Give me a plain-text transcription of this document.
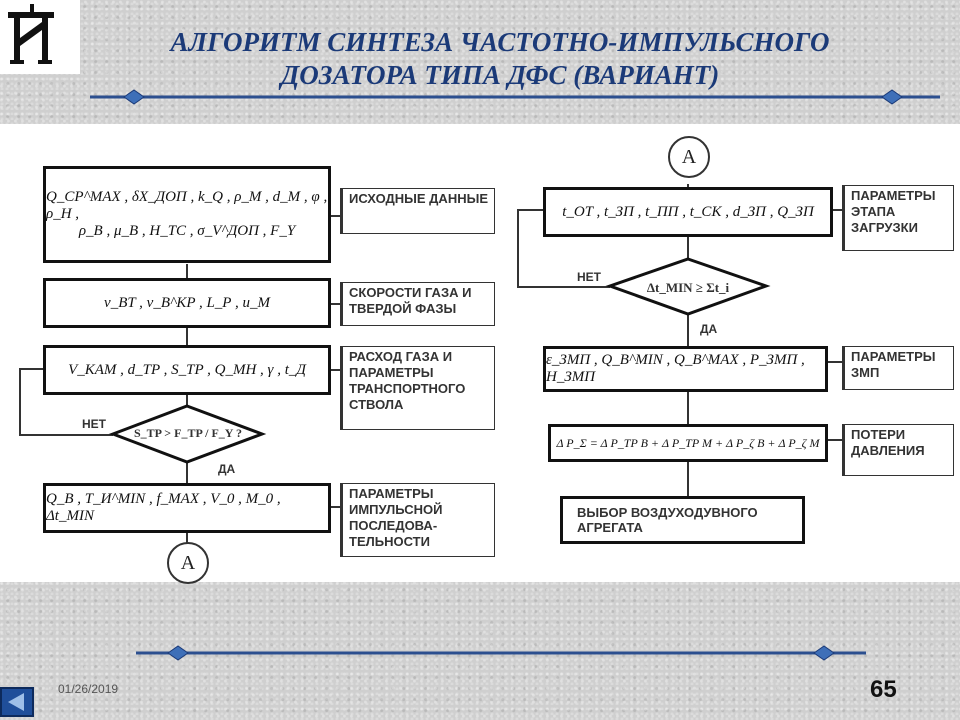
АЛГОРИТМ СИНТЕЗА ЧАСТОТНО-ИМПУЛЬСНОГО
ДОЗАТОРА ТИПА ДФС (ВАРИАНТ)
Q_CP^MAX , δX_ДОП , k_Q , ρ_M , d_M , φ , ρ_H ,
ρ_B , μ_B , H_TC , σ_V^ДОП , F_Y
ИСХОДНЫЕ ДАННЫЕ
v_BT , v_B^KP , L_P , u_M
СКОРОСТИ ГАЗА И ТВЕРДОЙ ФАЗЫ
V_KAM , d_TP , S_TP , Q_MH , γ , t_Д
РАСХОД ГАЗА И ПАРАМЕТРЫ ТРАНСПОРТНОГО СТВОЛА
S_TP > F_TP / F_Y ?
НЕТ
ДА
Q_B , T_И^MIN , f_MAX , V_0 , M_0 , Δt_MIN
ПАРАМЕТРЫ ИМПУЛЬСНОЙ ПОСЛЕДОВА-ТЕЛЬНОСТИ
А
А
t_OT , t_ЗП , t_ПП , t_CK , d_ЗП , Q_ЗП
ПАРАМЕТРЫ ЭТАПА ЗАГРУЗКИ
Δt_MIN ≥ Σt_i
НЕТ
ДА
ε_ЗМП , Q_B^MIN , Q_B^MAX , P_ЗМП , H_ЗМП
ПАРАМЕТРЫ ЗМП
Δ P_Σ = Δ P_TP B + Δ P_TP M + Δ P_ζ B + Δ P_ζ M
ПОТЕРИ ДАВЛЕНИЯ
ВЫБОР ВОЗДУХОДУВНОГО АГРЕГАТА
01/26/2019	65
